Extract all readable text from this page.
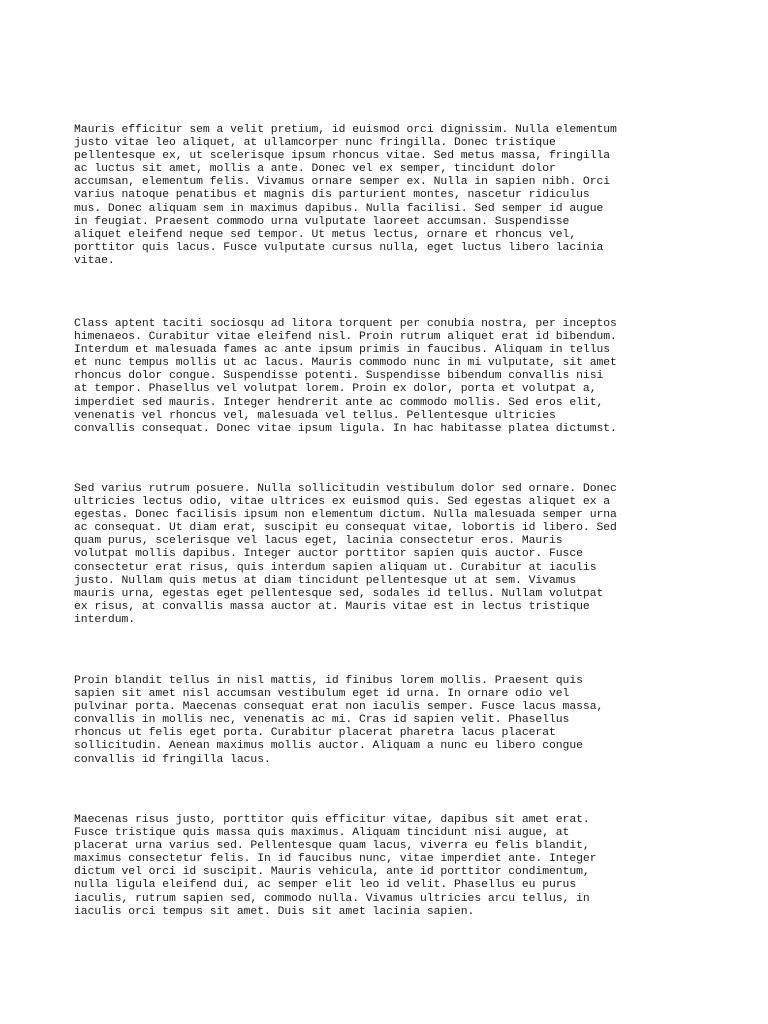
Mauris efficitur sem a velit pretium, id euismod orci dignissim. Nulla elementum
justo vitae leo aliquet, at ullamcorper nunc fringilla. Donec tristique
pellentesque ex, ut scelerisque ipsum rhoncus vitae. Sed metus massa, fringilla
ac luctus sit amet, mollis a ante. Donec vel ex semper, tincidunt dolor
accumsan, elementum felis. Vivamus ornare semper ex. Nulla in sapien nibh. Orci
varius natoque penatibus et magnis dis parturient montes, nascetur ridiculus
mus. Donec aliquam sem in maximus dapibus. Nulla facilisi. Sed semper id augue
in feugiat. Praesent commodo urna vulputate laoreet accumsan. Suspendisse
aliquet eleifend neque sed tempor. Ut metus lectus, ornare et rhoncus vel,
porttitor quis lacus. Fusce vulputate cursus nulla, eget luctus libero lacinia
vitae.

Class aptent taciti sociosqu ad litora torquent per conubia nostra, per inceptos
himenaeos. Curabitur vitae eleifend nisl. Proin rutrum aliquet erat id bibendum.
Interdum et malesuada fames ac ante ipsum primis in faucibus. Aliquam in tellus
et nunc tempus mollis ut ac lacus. Mauris commodo nunc in mi vulputate, sit amet
rhoncus dolor congue. Suspendisse potenti. Suspendisse bibendum convallis nisi
at tempor. Phasellus vel volutpat lorem. Proin ex dolor, porta et volutpat a,
imperdiet sed mauris. Integer hendrerit ante ac commodo mollis. Sed eros elit,
venenatis vel rhoncus vel, malesuada vel tellus. Pellentesque ultricies
convallis consequat. Donec vitae ipsum ligula. In hac habitasse platea dictumst.

Sed varius rutrum posuere. Nulla sollicitudin vestibulum dolor sed ornare. Donec
ultricies lectus odio, vitae ultrices ex euismod quis. Sed egestas aliquet ex a
egestas. Donec facilisis ipsum non elementum dictum. Nulla malesuada semper urna
ac consequat. Ut diam erat, suscipit eu consequat vitae, lobortis id libero. Sed
quam purus, scelerisque vel lacus eget, lacinia consectetur eros. Mauris
volutpat mollis dapibus. Integer auctor porttitor sapien quis auctor. Fusce
consectetur erat risus, quis interdum sapien aliquam ut. Curabitur at iaculis
justo. Nullam quis metus at diam tincidunt pellentesque ut at sem. Vivamus
mauris urna, egestas eget pellentesque sed, sodales id tellus. Nullam volutpat
ex risus, at convallis massa auctor at. Mauris vitae est in lectus tristique
interdum.

Proin blandit tellus in nisl mattis, id finibus lorem mollis. Praesent quis
sapien sit amet nisl accumsan vestibulum eget id urna. In ornare odio vel
pulvinar porta. Maecenas consequat erat non iaculis semper. Fusce lacus massa,
convallis in mollis nec, venenatis ac mi. Cras id sapien velit. Phasellus
rhoncus ut felis eget porta. Curabitur placerat pharetra lacus placerat
sollicitudin. Aenean maximus mollis auctor. Aliquam a nunc eu libero congue
convallis id fringilla lacus.

Maecenas risus justo, porttitor quis efficitur vitae, dapibus sit amet erat.
Fusce tristique quis massa quis maximus. Aliquam tincidunt nisi augue, at
placerat urna varius sed. Pellentesque quam lacus, viverra eu felis blandit,
maximus consectetur felis. In id faucibus nunc, vitae imperdiet ante. Integer
dictum vel orci id suscipit. Mauris vehicula, ante id porttitor condimentum,
nulla ligula eleifend dui, ac semper elit leo id velit. Phasellus eu purus
iaculis, rutrum sapien sed, commodo nulla. Vivamus ultricies arcu tellus, in
iaculis orci tempus sit amet. Duis sit amet lacinia sapien.
